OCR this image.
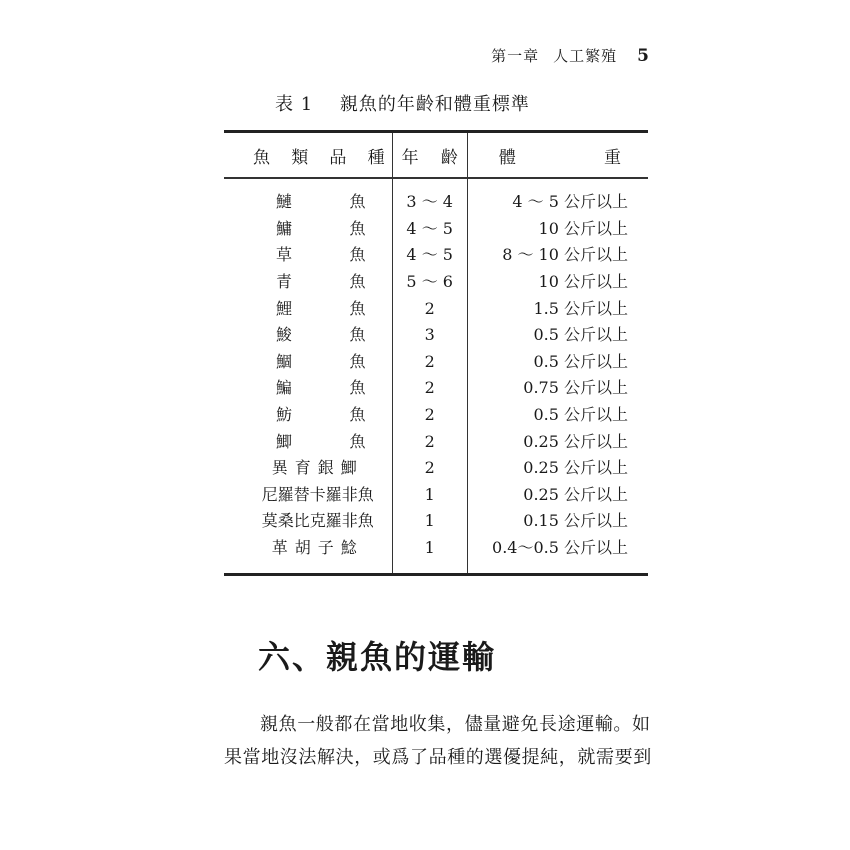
第一章 人工繁殖 5
表 1 親魚的年齡和體重標準
魚 類 品 種	年 齡	體 重

鰱 魚	3 ～ 4	4 ～ 5 公斤以上

鱅 魚	4 ～ 5	10 公斤以上

草 魚	4 ～ 5	8 ～ 10 公斤以上

青 魚	5 ～ 6	10 公斤以上

鯉 魚	2	1.5 公斤以上

鮻 魚	3	0.5 公斤以上

鯝 魚	2	0.5 公斤以上

鯿 魚	2	0.75 公斤以上

魴 魚	2	0.5 公斤以上

鯽 魚	2	0.25 公斤以上

異育銀鯽	2	0.25 公斤以上

尼羅替卡羅非魚	1	0.25 公斤以上

莫桑比克羅非魚	1	0.15 公斤以上

革胡子鯰	1	0.4～0.5 公斤以上
六、親魚的運輸

親魚一般都在當地收集，儘量避免長途運輸。如

果當地沒法解決，或爲了品種的選優提純，就需要到
